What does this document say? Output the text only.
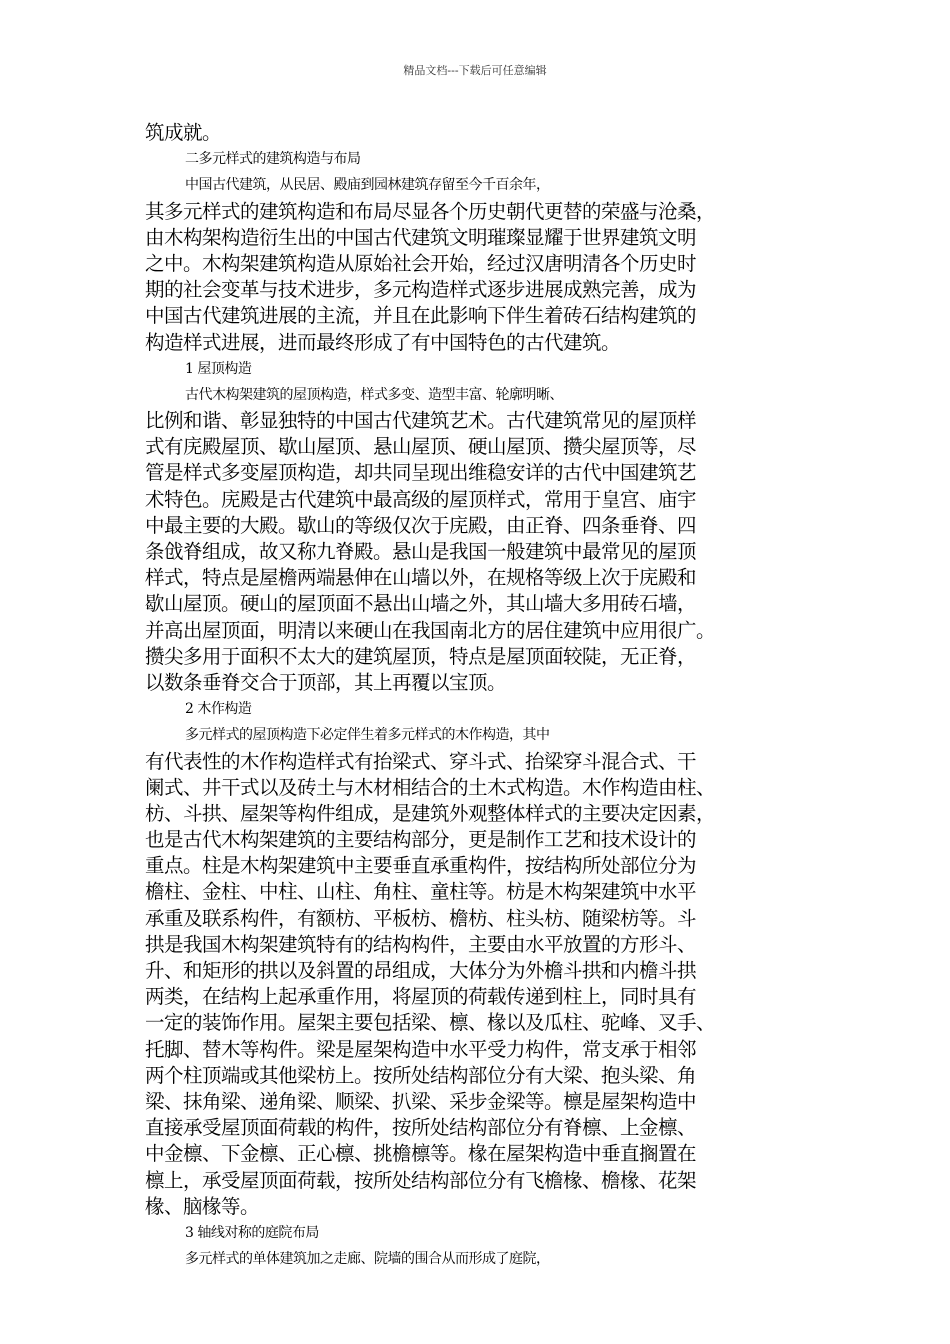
精品文档---下载后可任意编辑
筑成就。
二多元样式的建筑构造与布局
中国古代建筑，从民居、殿庙到园林建筑存留至今千百余年，
其多元样式的建筑构造和布局尽显各个历史朝代更替的荣盛与沧桑，
由木构架构造衍生出的中国古代建筑文明璀璨显耀于世界建筑文明
之中。木构架建筑构造从原始社会开始，经过汉唐明清各个历史时
期的社会变革与技术进步，多元构造样式逐步进展成熟完善，成为
中国古代建筑进展的主流，并且在此影响下伴生着砖石结构建筑的
构造样式进展，进而最终形成了有中国特色的古代建筑。
1 屋顶构造
古代木构架建筑的屋顶构造，样式多变、造型丰富、轮廓明晰、
比例和谐、彰显独特的中国古代建筑艺术。古代建筑常见的屋顶样
式有庑殿屋顶、歇山屋顶、悬山屋顶、硬山屋顶、攒尖屋顶等，尽
管是样式多变屋顶构造，却共同呈现出维稳安详的古代中国建筑艺
术特色。庑殿是古代建筑中最高级的屋顶样式，常用于皇宫、庙宇
中最主要的大殿。歇山的等级仅次于庑殿，由正脊、四条垂脊、四
条戗脊组成，故又称九脊殿。悬山是我国一般建筑中最常见的屋顶
样式，特点是屋檐两端悬伸在山墙以外，在规格等级上次于庑殿和
歇山屋顶。硬山的屋顶面不悬出山墙之外，其山墙大多用砖石墙，
并高出屋顶面，明清以来硬山在我国南北方的居住建筑中应用很广。
攒尖多用于面积不太大的建筑屋顶，特点是屋顶面较陡，无正脊，
以数条垂脊交合于顶部，其上再覆以宝顶。
2 木作构造
多元样式的屋顶构造下必定伴生着多元样式的木作构造，其中
有代表性的木作构造样式有抬梁式、穿斗式、抬梁穿斗混合式、干
阑式、井干式以及砖土与木材相结合的土木式构造。木作构造由柱、
枋、斗拱、屋架等构件组成，是建筑外观整体样式的主要决定因素，
也是古代木构架建筑的主要结构部分，更是制作工艺和技术设计的
重点。柱是木构架建筑中主要垂直承重构件，按结构所处部位分为
檐柱、金柱、中柱、山柱、角柱、童柱等。枋是木构架建筑中水平
承重及联系构件，有额枋、平板枋、檐枋、柱头枋、随梁枋等。斗
拱是我国木构架建筑特有的结构构件，主要由水平放置的方形斗、
升、和矩形的拱以及斜置的昂组成，大体分为外檐斗拱和内檐斗拱
两类，在结构上起承重作用，将屋顶的荷载传递到柱上，同时具有
一定的装饰作用。屋架主要包括梁、檩、椽以及瓜柱、驼峰、叉手、
托脚、替木等构件。梁是屋架构造中水平受力构件，常支承于相邻
两个柱顶端或其他梁枋上。按所处结构部位分有大梁、抱头梁、角
梁、抹角梁、递角梁、顺梁、扒梁、采步金梁等。檩是屋架构造中
直接承受屋顶面荷载的构件，按所处结构部位分有脊檩、上金檩、
中金檩、下金檩、正心檩、挑檐檩等。椽在屋架构造中垂直搁置在
檩上，承受屋顶面荷载，按所处结构部位分有飞檐椽、檐椽、花架
椽、脑椽等。
3 轴线对称的庭院布局
多元样式的单体建筑加之走廊、院墙的围合从而形成了庭院，
